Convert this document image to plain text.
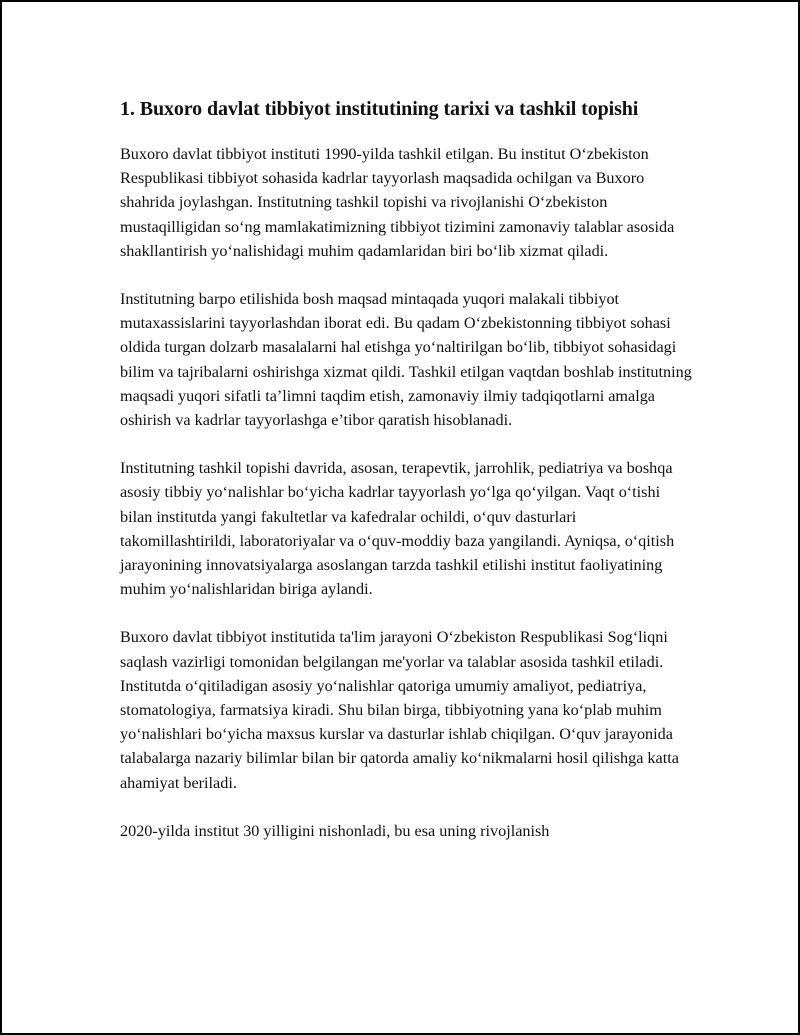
1. Buxoro davlat tibbiyot institutining tarixi va tashkil topishi

Buxoro davlat tibbiyot instituti 1990-yilda tashkil etilgan. Bu institut O‘zbekiston Respublikasi tibbiyot sohasida kadrlar tayyorlash maqsadida ochilgan va Buxoro shahrida joylashgan. Institutning tashkil topishi va rivojlanishi O‘zbekiston mustaqilligidan so‘ng mamlakatimizning tibbiyot tizimini zamonaviy talablar asosida shakllantirish yo‘nalishidagi muhim qadamlaridan biri bo‘lib xizmat qiladi.

Institutning barpo etilishida bosh maqsad mintaqada yuqori malakali tibbiyot mutaxassislarini tayyorlashdan iborat edi. Bu qadam O‘zbekistonning tibbiyot sohasi oldida turgan dolzarb masalalarni hal etishga yo‘naltirilgan bo‘lib, tibbiyot sohasidagi bilim va tajribalarni oshirishga xizmat qildi. Tashkil etilgan vaqtdan boshlab institutning maqsadi yuqori sifatli ta’limni taqdim etish, zamonaviy ilmiy tadqiqotlarni amalga oshirish va kadrlar tayyorlashga e’tibor qaratish hisoblanadi.

Institutning tashkil topishi davrida, asosan, terapevtik, jarrohlik, pediatriya va boshqa asosiy tibbiy yo‘nalishlar bo‘yicha kadrlar tayyorlash yo‘lga qo‘yilgan. Vaqt o‘tishi bilan institutda yangi fakultetlar va kafedralar ochildi, o‘quv dasturlari takomillashtirildi, laboratoriyalar va o‘quv-moddiy baza yangilandi. Ayniqsa, o‘qitish jarayonining innovatsiyalarga asoslangan tarzda tashkil etilishi institut faoliyatining muhim yo‘nalishlaridan biriga aylandi.

Buxoro davlat tibbiyot institutida ta'lim jarayoni O‘zbekiston Respublikasi Sog‘liqni saqlash vazirligi tomonidan belgilangan me'yorlar va talablar asosida tashkil etiladi. Institutda o‘qitiladigan asosiy yo‘nalishlar qatoriga umumiy amaliyot, pediatriya, stomatologiya, farmatsiya kiradi. Shu bilan birga, tibbiyotning yana ko‘plab muhim yo‘nalishlari bo‘yicha maxsus kurslar va dasturlar ishlab chiqilgan. O‘quv jarayonida talabalarga nazariy bilimlar bilan bir qatorda amaliy ko‘nikmalarni hosil qilishga katta ahamiyat beriladi.

2020-yilda institut 30 yilligini nishonladi, bu esa uning rivojlanish
